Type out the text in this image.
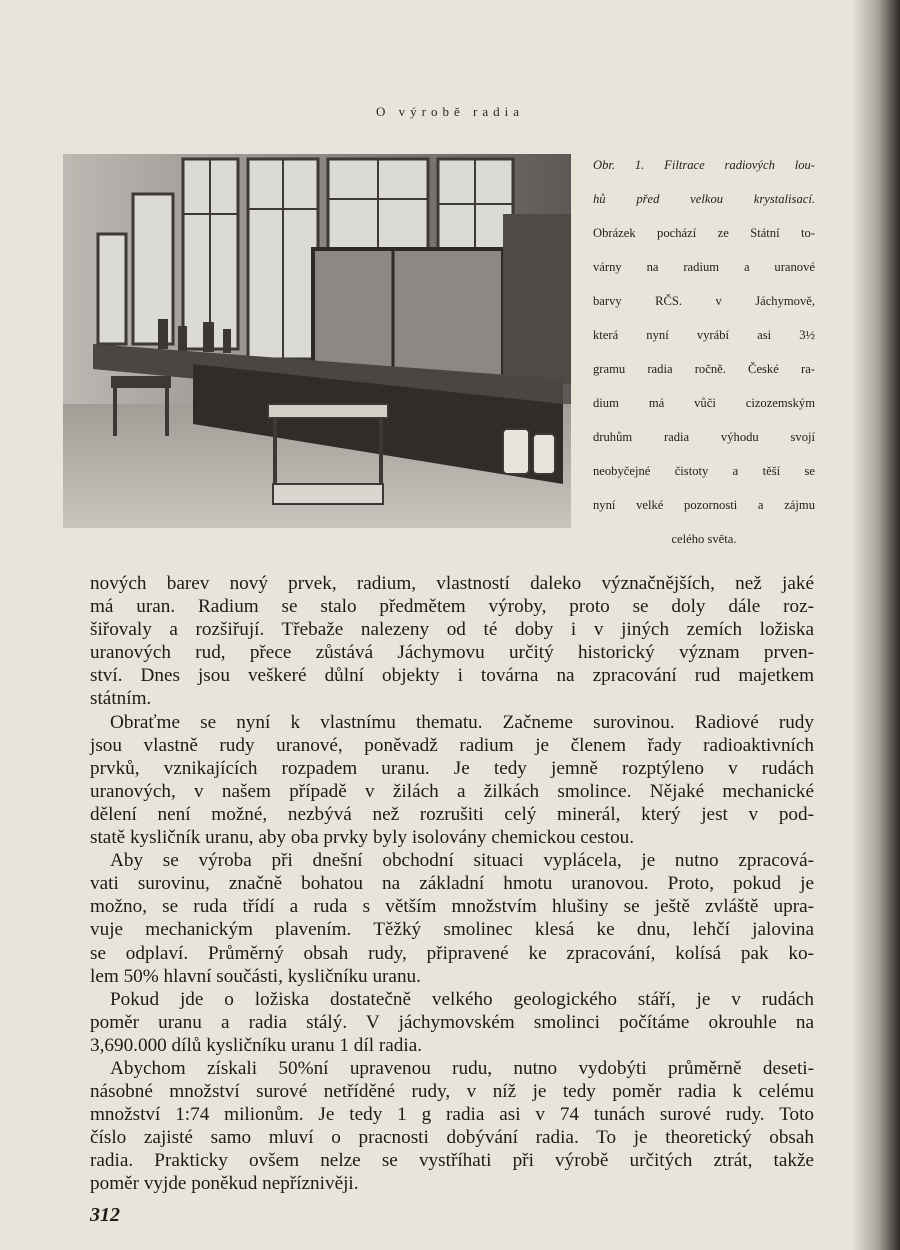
O výrobě radia
Obr. 1. Filtrace radiových lou-
hů před velkou krystalisací.
Obrázek pochází ze Státní to-
várny na radium a uranové
barvy RČS. v Jáchymově,
která nyní vyrábí asi 3½
gramu radia ročně. České ra-
dium má vůči cizozemským
druhům radia výhodu svojí
neobyčejné čistoty a těší se
nyní velké pozornosti a zájmu
celého světa.
nových barev nový prvek, radium, vlastností daleko význačnějších, než jaké
má uran. Radium se stalo předmětem výroby, proto se doly dále roz-
šiřovaly a rozšiřují. Třebaže nalezeny od té doby i v jiných zemích ložiska
uranových rud, přece zůstává Jáchymovu určitý historický význam prven-
ství. Dnes jsou veškeré důlní objekty i továrna na zpracování rud majetkem
státním.
Obraťme se nyní k vlastnímu thematu. Začneme surovinou. Radiové rudy
jsou vlastně rudy uranové, poněvadž radium je členem řady radioaktivních
prvků, vznikajících rozpadem uranu. Je tedy jemně rozptýleno v rudách
uranových, v našem případě v žilách a žilkách smolince. Nějaké mechanické
dělení není možné, nezbývá než rozrušiti celý minerál, který jest v pod-
statě kysličník uranu, aby oba prvky byly isolovány chemickou cestou.
Aby se výroba při dnešní obchodní situaci vyplácela, je nutno zpracová-
vati surovinu, značně bohatou na základní hmotu uranovou. Proto, pokud je
možno, se ruda třídí a ruda s větším množstvím hlušiny se ještě zvláště upra-
vuje mechanickým plavením. Těžký smolinec klesá ke dnu, lehčí jalovina
se odplaví. Průměrný obsah rudy, připravené ke zpracování, kolísá pak ko-
lem 50% hlavní součásti, kysličníku uranu.
Pokud jde o ložiska dostatečně velkého geologického stáří, je v rudách
poměr uranu a radia stálý. V jáchymovském smolinci počítáme okrouhle na
3,690.000 dílů kysličníku uranu 1 díl radia.
Abychom získali 50%ní upravenou rudu, nutno vydobýti průměrně deseti-
násobné množství surové netříděné rudy, v níž je tedy poměr radia k celému
množství 1:74 milionům. Je tedy 1 g radia asi v 74 tunách surové rudy. Toto
číslo zajisté samo mluví o pracnosti dobývání radia. To je theoretický obsah
radia. Prakticky ovšem nelze se vystříhati při výrobě určitých ztrát, takže
poměr vyjde poněkud nepříznivěji.
312
